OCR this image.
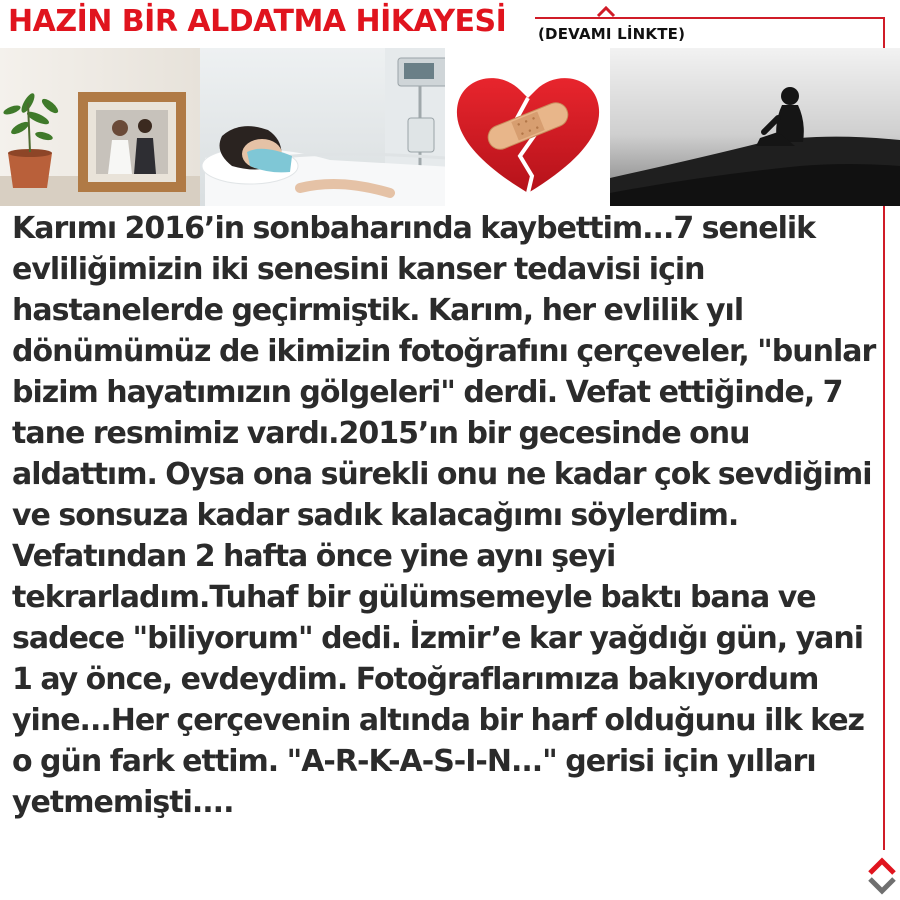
HAZİN BİR ALDATMA HİKAYESİ (DEVAMI LİNKTE)

Karımı 2016’in sonbaharında kaybettim...7 senelik evliliğimizin iki senesini kanser tedavisi için hastanelerde geçirmiştik. Karım, her evlilik yıl dönümümüz de ikimizin fotoğrafını çerçeveler, "bunlar bizim hayatımızın gölgeleri" derdi. Vefat ettiğinde, 7 tane resmimiz vardı.2015’ın bir gecesinde onu aldattım. Oysa ona sürekli onu ne kadar çok sevdiğimi ve sonsuza kadar sadık kalacağımı söylerdim. Vefatından 2 hafta önce yine aynı şeyi tekrarladım.Tuhaf bir gülümsemeyle baktı bana ve sadece "biliyorum" dedi. İzmir’e kar yağdığı gün, yani 1 ay önce, evdeydim. Fotoğraflarımıza bakıyordum yine...Her çerçevenin altında bir harf olduğunu ilk kez o gün fark ettim. "A-R-K-A-S-I-N..." gerisi için yılları yetmemişti....
